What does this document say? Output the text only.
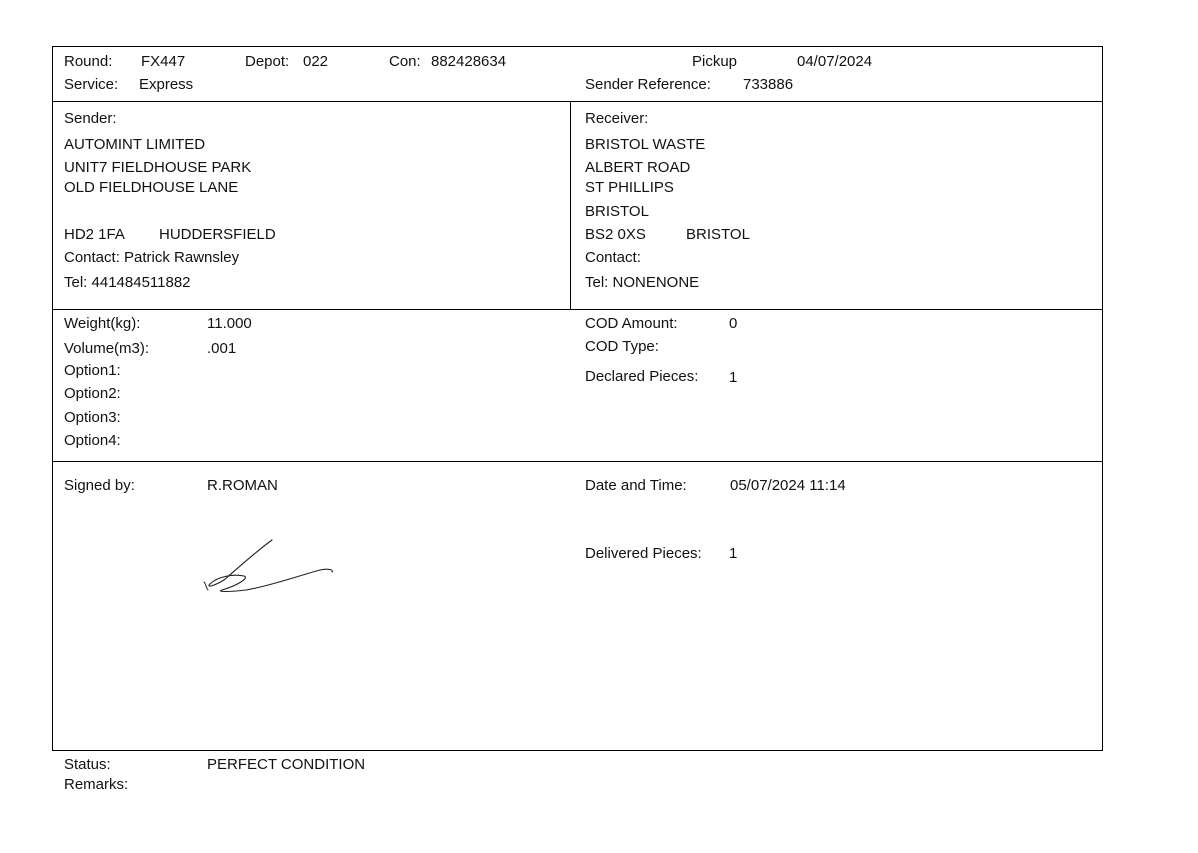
Round: FX447	Depot: 022	Con: 882428634	Pickup	04/07/2024
Service: Express	Sender Reference: 733886
Sender:
AUTOMINT LIMITED
UNIT7 FIELDHOUSE PARK
OLD FIELDHOUSE LANE
HD2 1FA HUDDERSFIELD
Contact: Patrick Rawnsley
Tel: 441484511882
Receiver:
BRISTOL WASTE
ALBERT ROAD
ST PHILLIPS
BRISTOL
BS2 0XS	BRISTOL
Contact:
Tel: NONENONE
Weight(kg):	11.000
Volume(m3):	.001
Option1:
Option2:
Option3:
Option4:
COD Amount:	0
COD Type:
Declared Pieces: 1
Signed by:	R.ROMAN	Date and Time:	05/07/2024 11:14
Delivered Pieces: 1
Status:	PERFECT CONDITION
Remarks:
